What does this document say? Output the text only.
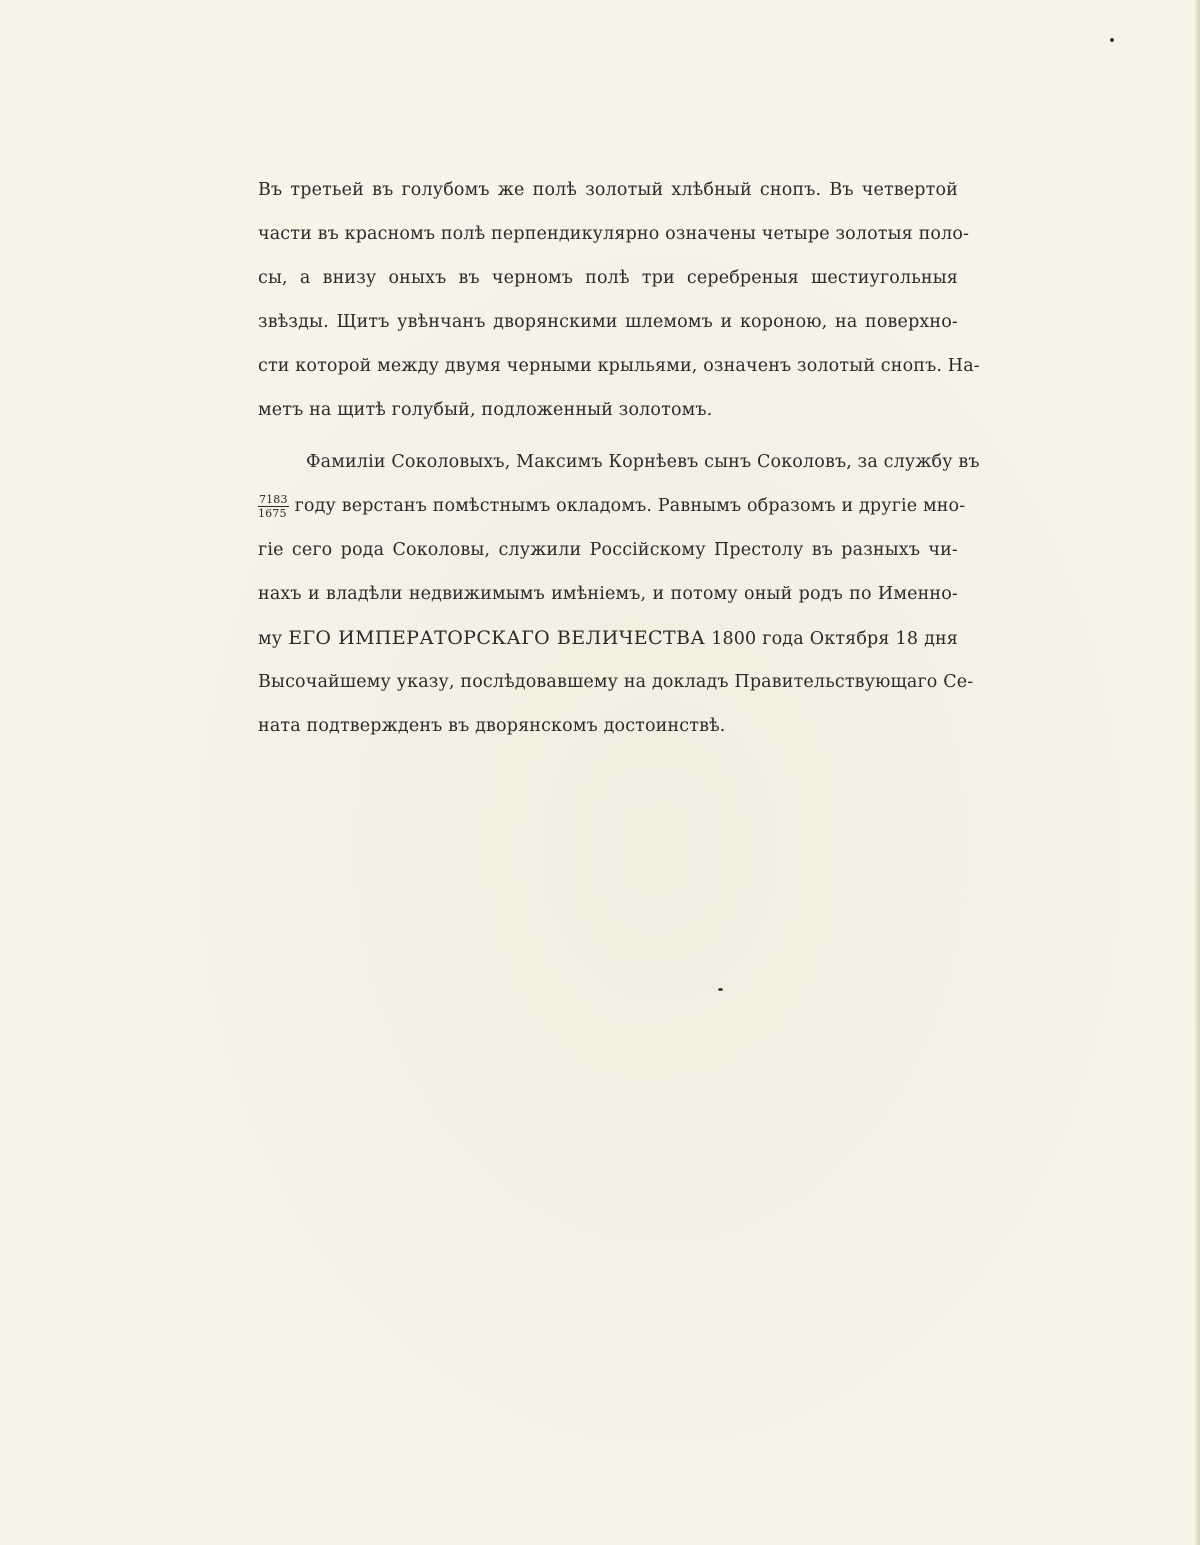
Въ третьей въ голубомъ же полѣ золотый хлѣбный снопъ. Въ четвертой
части въ красномъ полѣ перпендикулярно означены четыре золотыя поло-
сы, а внизу оныхъ въ черномъ полѣ три серебреныя шестиугольныя
звѣзды. Щитъ увѣнчанъ дворянскими шлемомъ и короною, на поверхно-
сти которой между двумя черными крыльями, означенъ золотый снопъ. На-
метъ на щитѣ голубый, подложенный золотомъ.
Фамиліи Соколовыхъ, Максимъ Корнѣевъ сынъ Соколовъ, за службу въ
$\frac{7183}{1675}$ году верстанъ помѣстнымъ окладомъ. Равнымъ образомъ и другіе мно-
гіе сего рода Соколовы, служили Россійскому Престолу въ разныхъ чи-
нахъ и владѣли недвижимымъ имѣніемъ, и потому оный родъ по Именно-
му ЕГО ИМПЕРАТОРСКАГО ВЕЛИЧЕСТВА 1800 года Октября 18 дня
Высочайшему указу, послѣдовавшему на докладъ Правительствующаго Се-
ната подтвержденъ въ дворянскомъ достоинствѣ.
